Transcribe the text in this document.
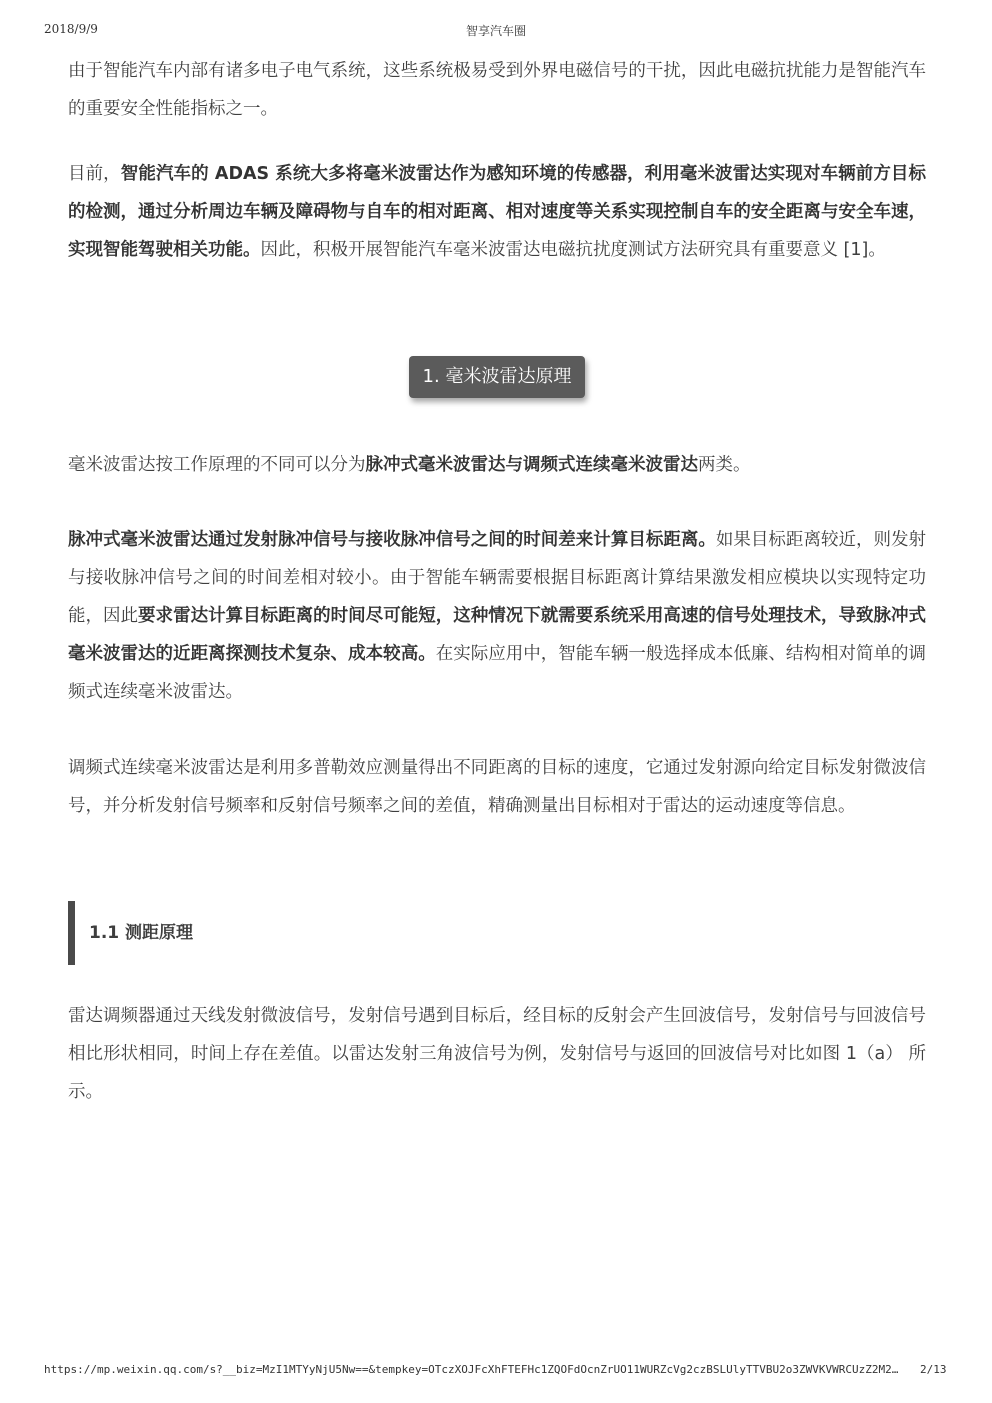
2018/9/9	智享汽车圈

由于智能汽车内部有诸多电子电气系统，这些系统极易受到外界电磁信号的干扰，因此电磁抗扰能力是智能汽车的重要安全性能指标之一。

目前，智能汽车的 ADAS 系统大多将毫米波雷达作为感知环境的传感器，利用毫米波雷达实现对车辆前方目标的检测，通过分析周边车辆及障碍物与自车的相对距离、相对速度等关系实现控制自车的安全距离与安全车速，实现智能驾驶相关功能。因此，积极开展智能汽车毫米波雷达电磁抗扰度测试方法研究具有重要意义 [1]。

1. 毫米波雷达原理

毫米波雷达按工作原理的不同可以分为脉冲式毫米波雷达与调频式连续毫米波雷达两类。

脉冲式毫米波雷达通过发射脉冲信号与接收脉冲信号之间的时间差来计算目标距离。如果目标距离较近，则发射与接收脉冲信号之间的时间差相对较小。由于智能车辆需要根据目标距离计算结果激发相应模块以实现特定功能，因此要求雷达计算目标距离的时间尽可能短，这种情况下就需要系统采用高速的信号处理技术，导致脉冲式毫米波雷达的近距离探测技术复杂、成本较高。在实际应用中，智能车辆一般选择成本低廉、结构相对简单的调频式连续毫米波雷达。

调频式连续毫米波雷达是利用多普勒效应测量得出不同距离的目标的速度，它通过发射源向给定目标发射微波信号，并分析发射信号频率和反射信号频率之间的差值，精确测量出目标相对于雷达的运动速度等信息。

1.1 测距原理

雷达调频器通过天线发射微波信号，发射信号遇到目标后，经目标的反射会产生回波信号，发射信号与回波信号相比形状相同，时间上存在差值。以雷达发射三角波信号为例，发射信号与返回的回波信号对比如图 1（a） 所示。

https://mp.weixin.qq.com/s?__biz=MzI1MTYyNjU5Nw==&tempkey=OTczXOJFcXhFTEFHc1ZQOFdOcnZrUO11WURZcVg2czBSLUlyTTVBU2o3ZWVKVWRCUzZ2M2…	2/13
